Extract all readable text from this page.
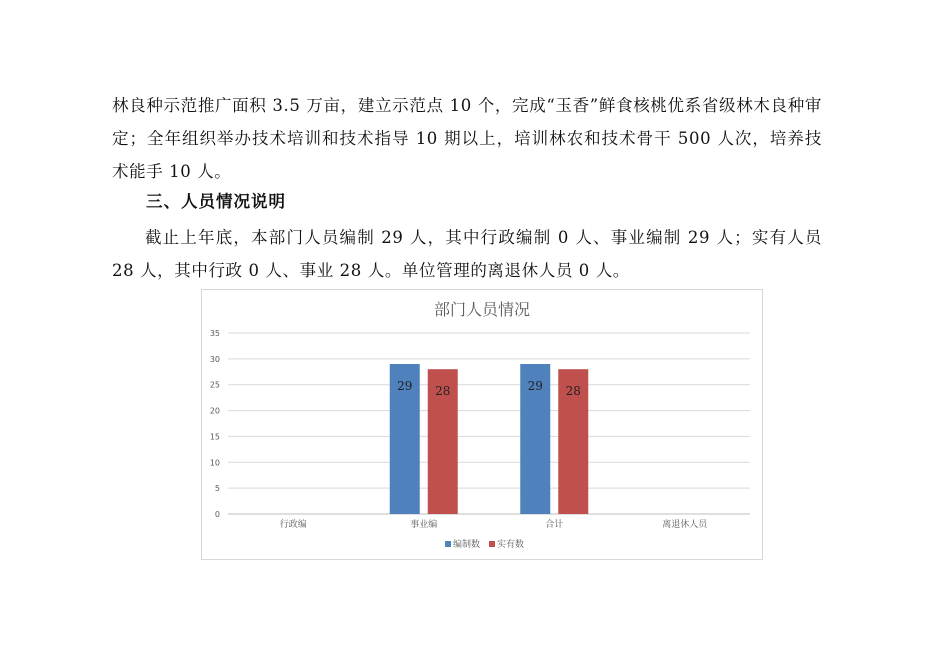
林良种示范推广面积 3.5 万亩，建立示范点 10 个，完成“玉香”鲜食核桃优系省级林木良种审定；全年组织举办技术培训和技术指导 10 期以上，培训林农和技术骨干 500 人次，培养技术能手 10 人。

三、人员情况说明

截止上年底，本部门人员编制 29 人，其中行政编制 0 人、事业编制 29 人；实有人员 28 人，其中行政 0 人、事业 28 人。单位管理的离退休人员 0 人。

部门人员情况
0
5
10
15
20
25
30
35
行政编	事业编
29 28
合计
29 28
离退休人员
编制数 实有数
